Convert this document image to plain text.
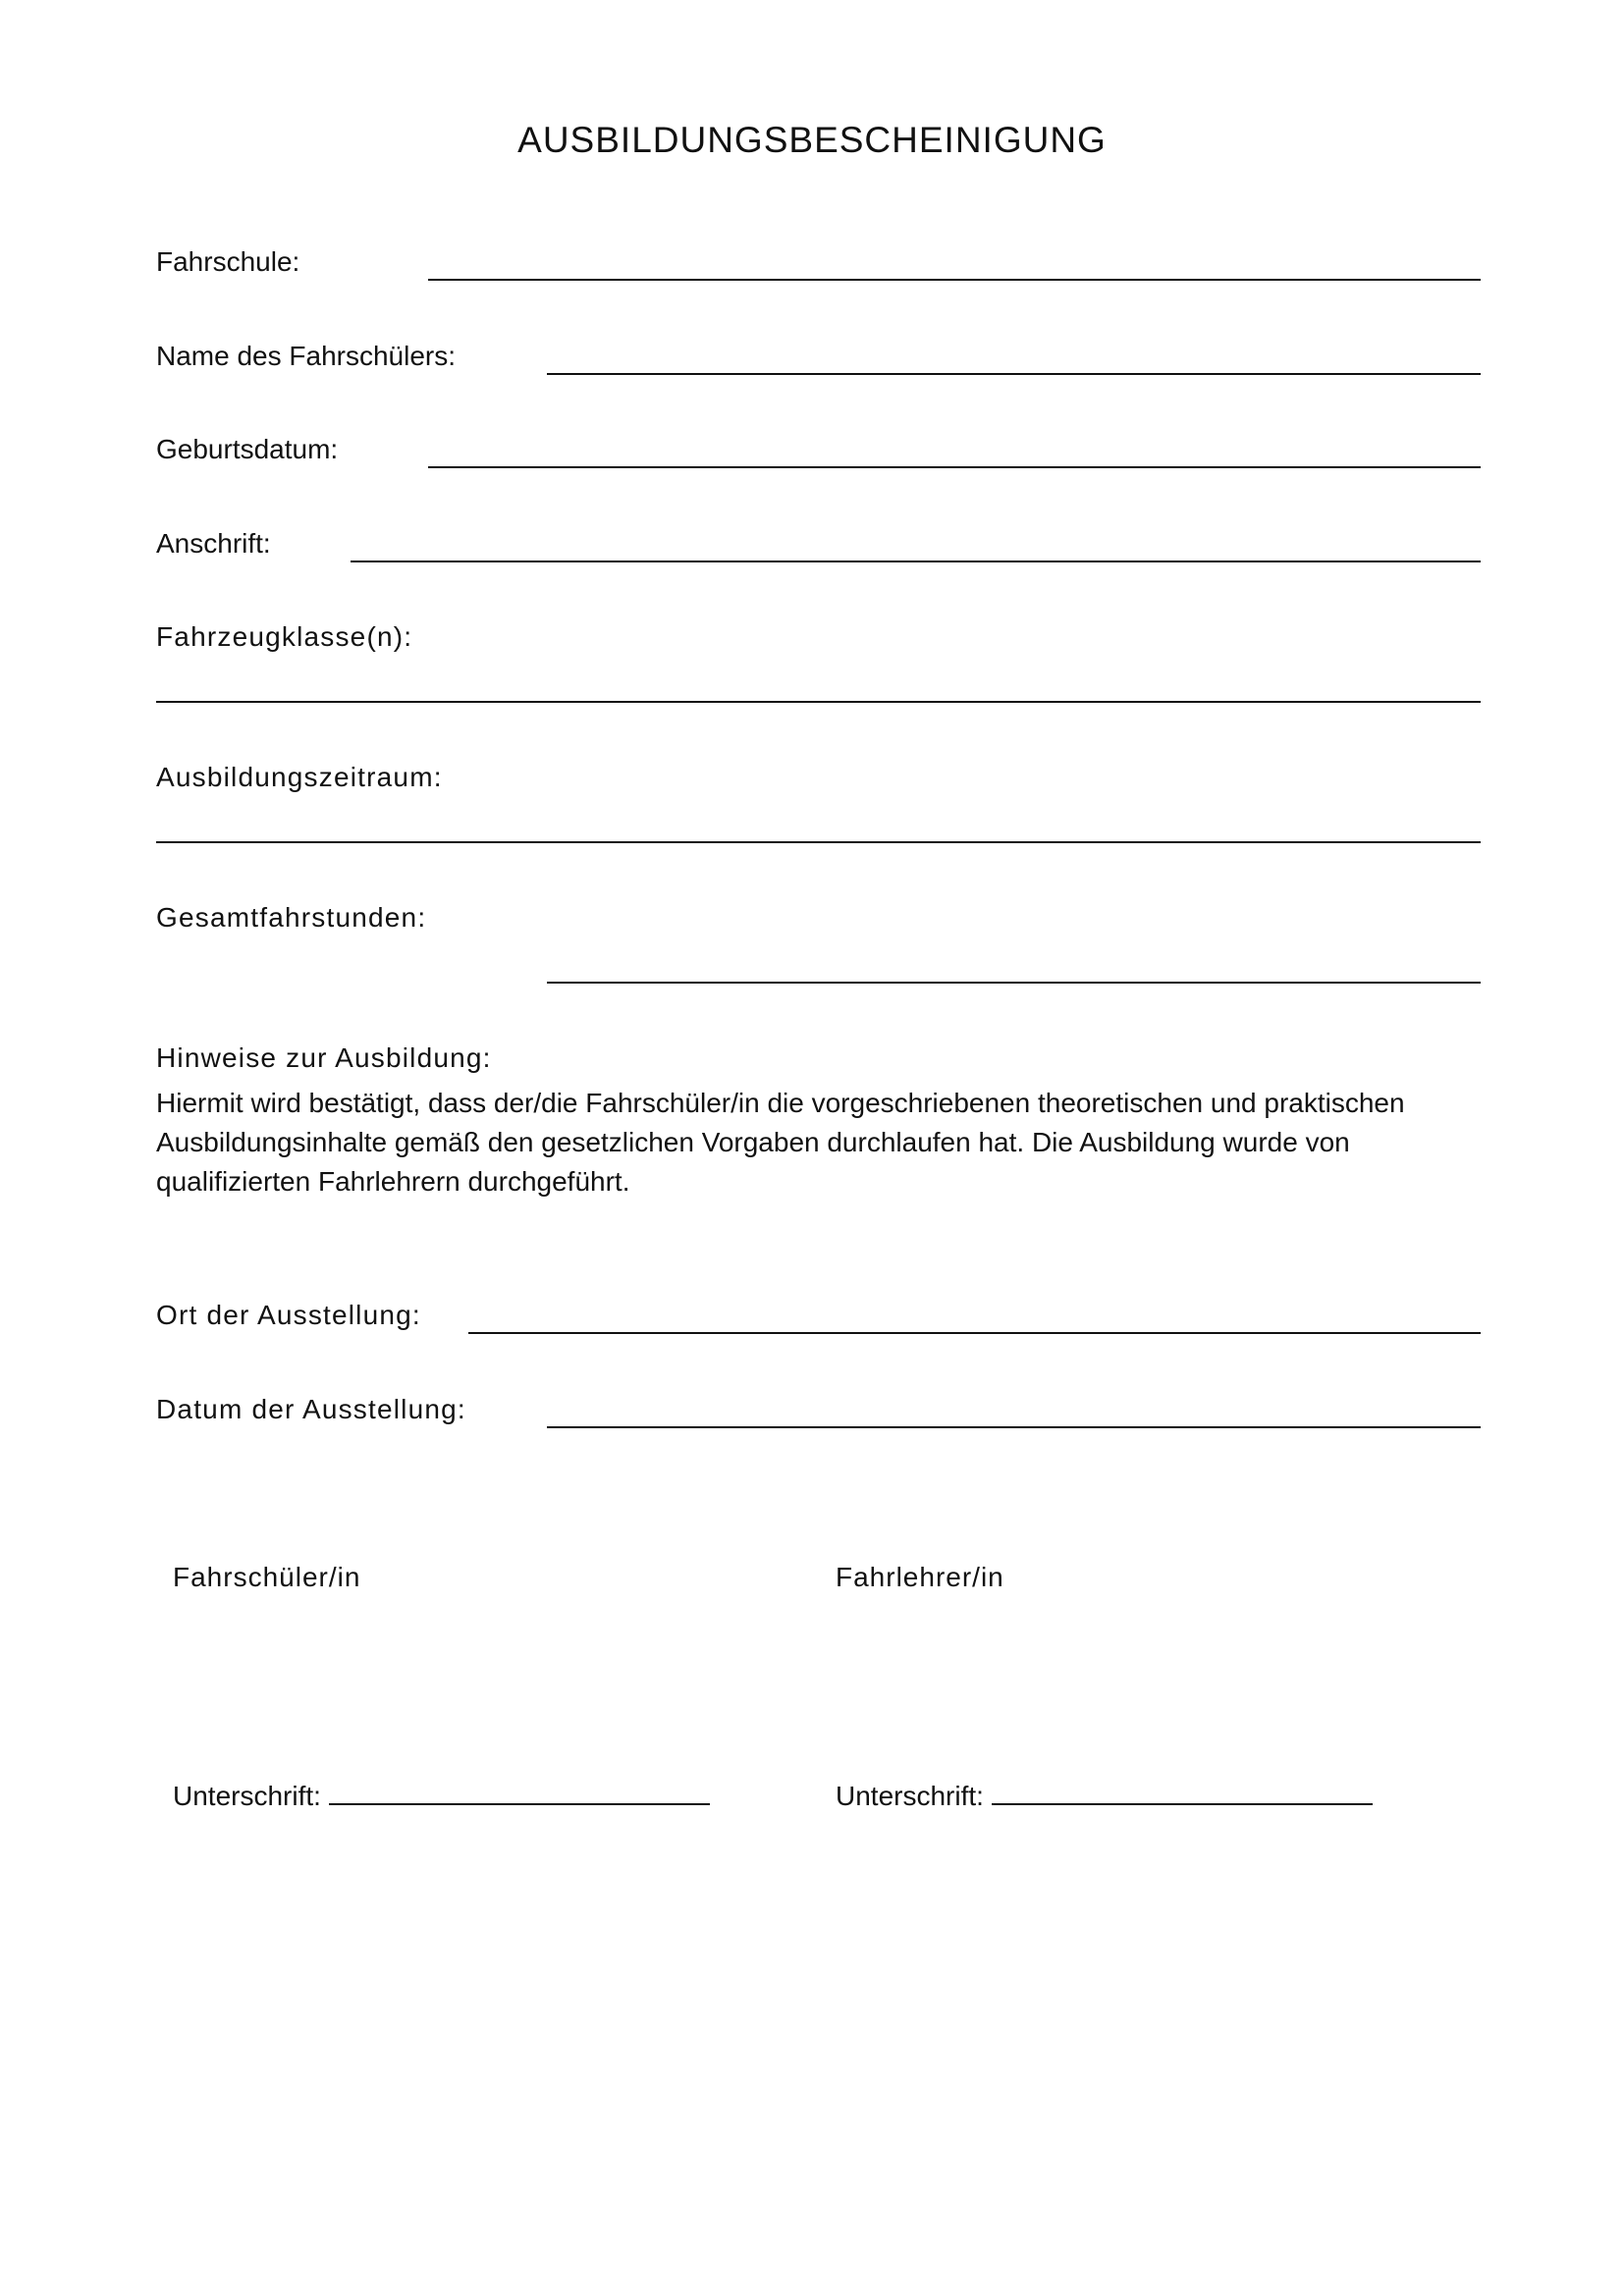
AUSBILDUNGSBESCHEINIGUNG
Fahrschule:
Name des Fahrschülers:
Geburtsdatum:
Anschrift:
Fahrzeugklasse(n):
Ausbildungszeitraum:
Gesamtfahrstunden:
Hinweise zur Ausbildung:
Hiermit wird bestätigt, dass der/die Fahrschüler/in die vorgeschriebenen theoretischen und praktischen Ausbildungsinhalte gemäß den gesetzlichen Vorgaben durchlaufen hat. Die Ausbildung wurde von qualifizierten Fahrlehrern durchgeführt.
Ort der Ausstellung:
Datum der Ausstellung:
Fahrschüler/in	Fahrlehrer/in
Unterschrift:	Unterschrift:
